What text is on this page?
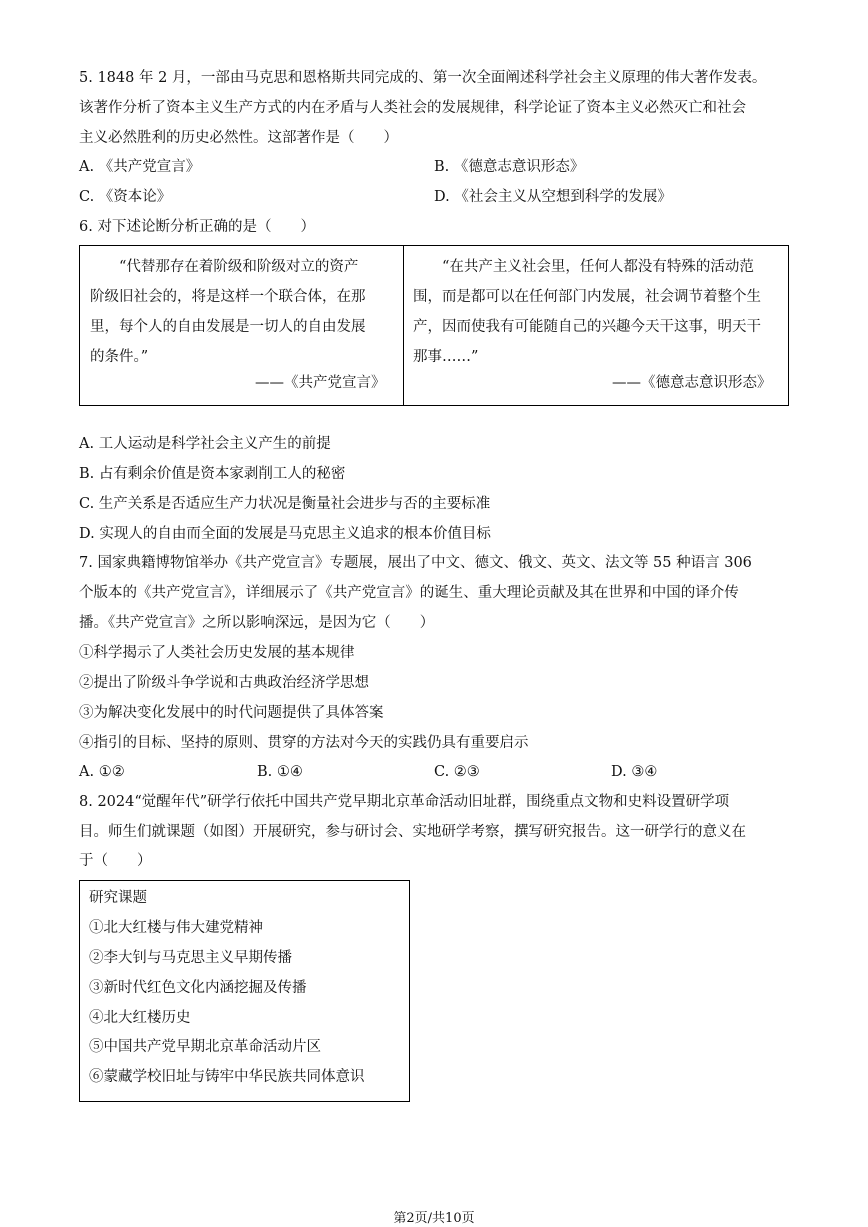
5. 1848 年 2 月，一部由马克思和恩格斯共同完成的、第一次全面阐述科学社会主义原理的伟大著作发表。
该著作分析了资本主义生产方式的内在矛盾与人类社会的发展规律，科学论证了资本主义必然灭亡和社会
主义必然胜利的历史必然性。这部著作是（　　）
A. 《共产党宣言》	B. 《德意志意识形态》
C. 《资本论》	D. 《社会主义从空想到科学的发展》
6. 对下述论断分析正确的是（　　）
　　“代替那存在着阶级和阶级对立的资产
阶级旧社会的，将是这样一个联合体，在那
里，每个人的自由发展是一切人的自由发展
的条件。”
——《共产党宣言》
　　“在共产主义社会里，任何人都没有特殊的活动范
围，而是都可以在任何部门内发展，社会调节着整个生
产，因而使我有可能随自己的兴趣今天干这事，明天干
那事……”
——《德意志意识形态》
A. 工人运动是科学社会主义产生的前提
B. 占有剩余价值是资本家剥削工人的秘密
C. 生产关系是否适应生产力状况是衡量社会进步与否的主要标准
D. 实现人的自由而全面的发展是马克思主义追求的根本价值目标
7. 国家典籍博物馆举办《共产党宣言》专题展，展出了中文、德文、俄文、英文、法文等 55 种语言 306
个版本的《共产党宣言》，详细展示了《共产党宣言》的诞生、重大理论贡献及其在世界和中国的译介传
播。《共产党宣言》之所以影响深远，是因为它（　　）
①科学揭示了人类社会历史发展的基本规律
②提出了阶级斗争学说和古典政治经济学思想
③为解决变化发展中的时代问题提供了具体答案
④指引的目标、坚持的原则、贯穿的方法对今天的实践仍具有重要启示
A. ①②	B. ①④	C. ②③	D. ③④
8. 2024“觉醒年代”研学行依托中国共产党早期北京革命活动旧址群，围绕重点文物和史料设置研学项
目。师生们就课题（如图）开展研究，参与研讨会、实地研学考察，撰写研究报告。这一研学行的意义在
于（　　）
研究课题
①北大红楼与伟大建党精神
②李大钊与马克思主义早期传播
③新时代红色文化内涵挖掘及传播
④北大红楼历史
⑤中国共产党早期北京革命活动片区
⑥蒙藏学校旧址与铸牢中华民族共同体意识
第2页/共10页
